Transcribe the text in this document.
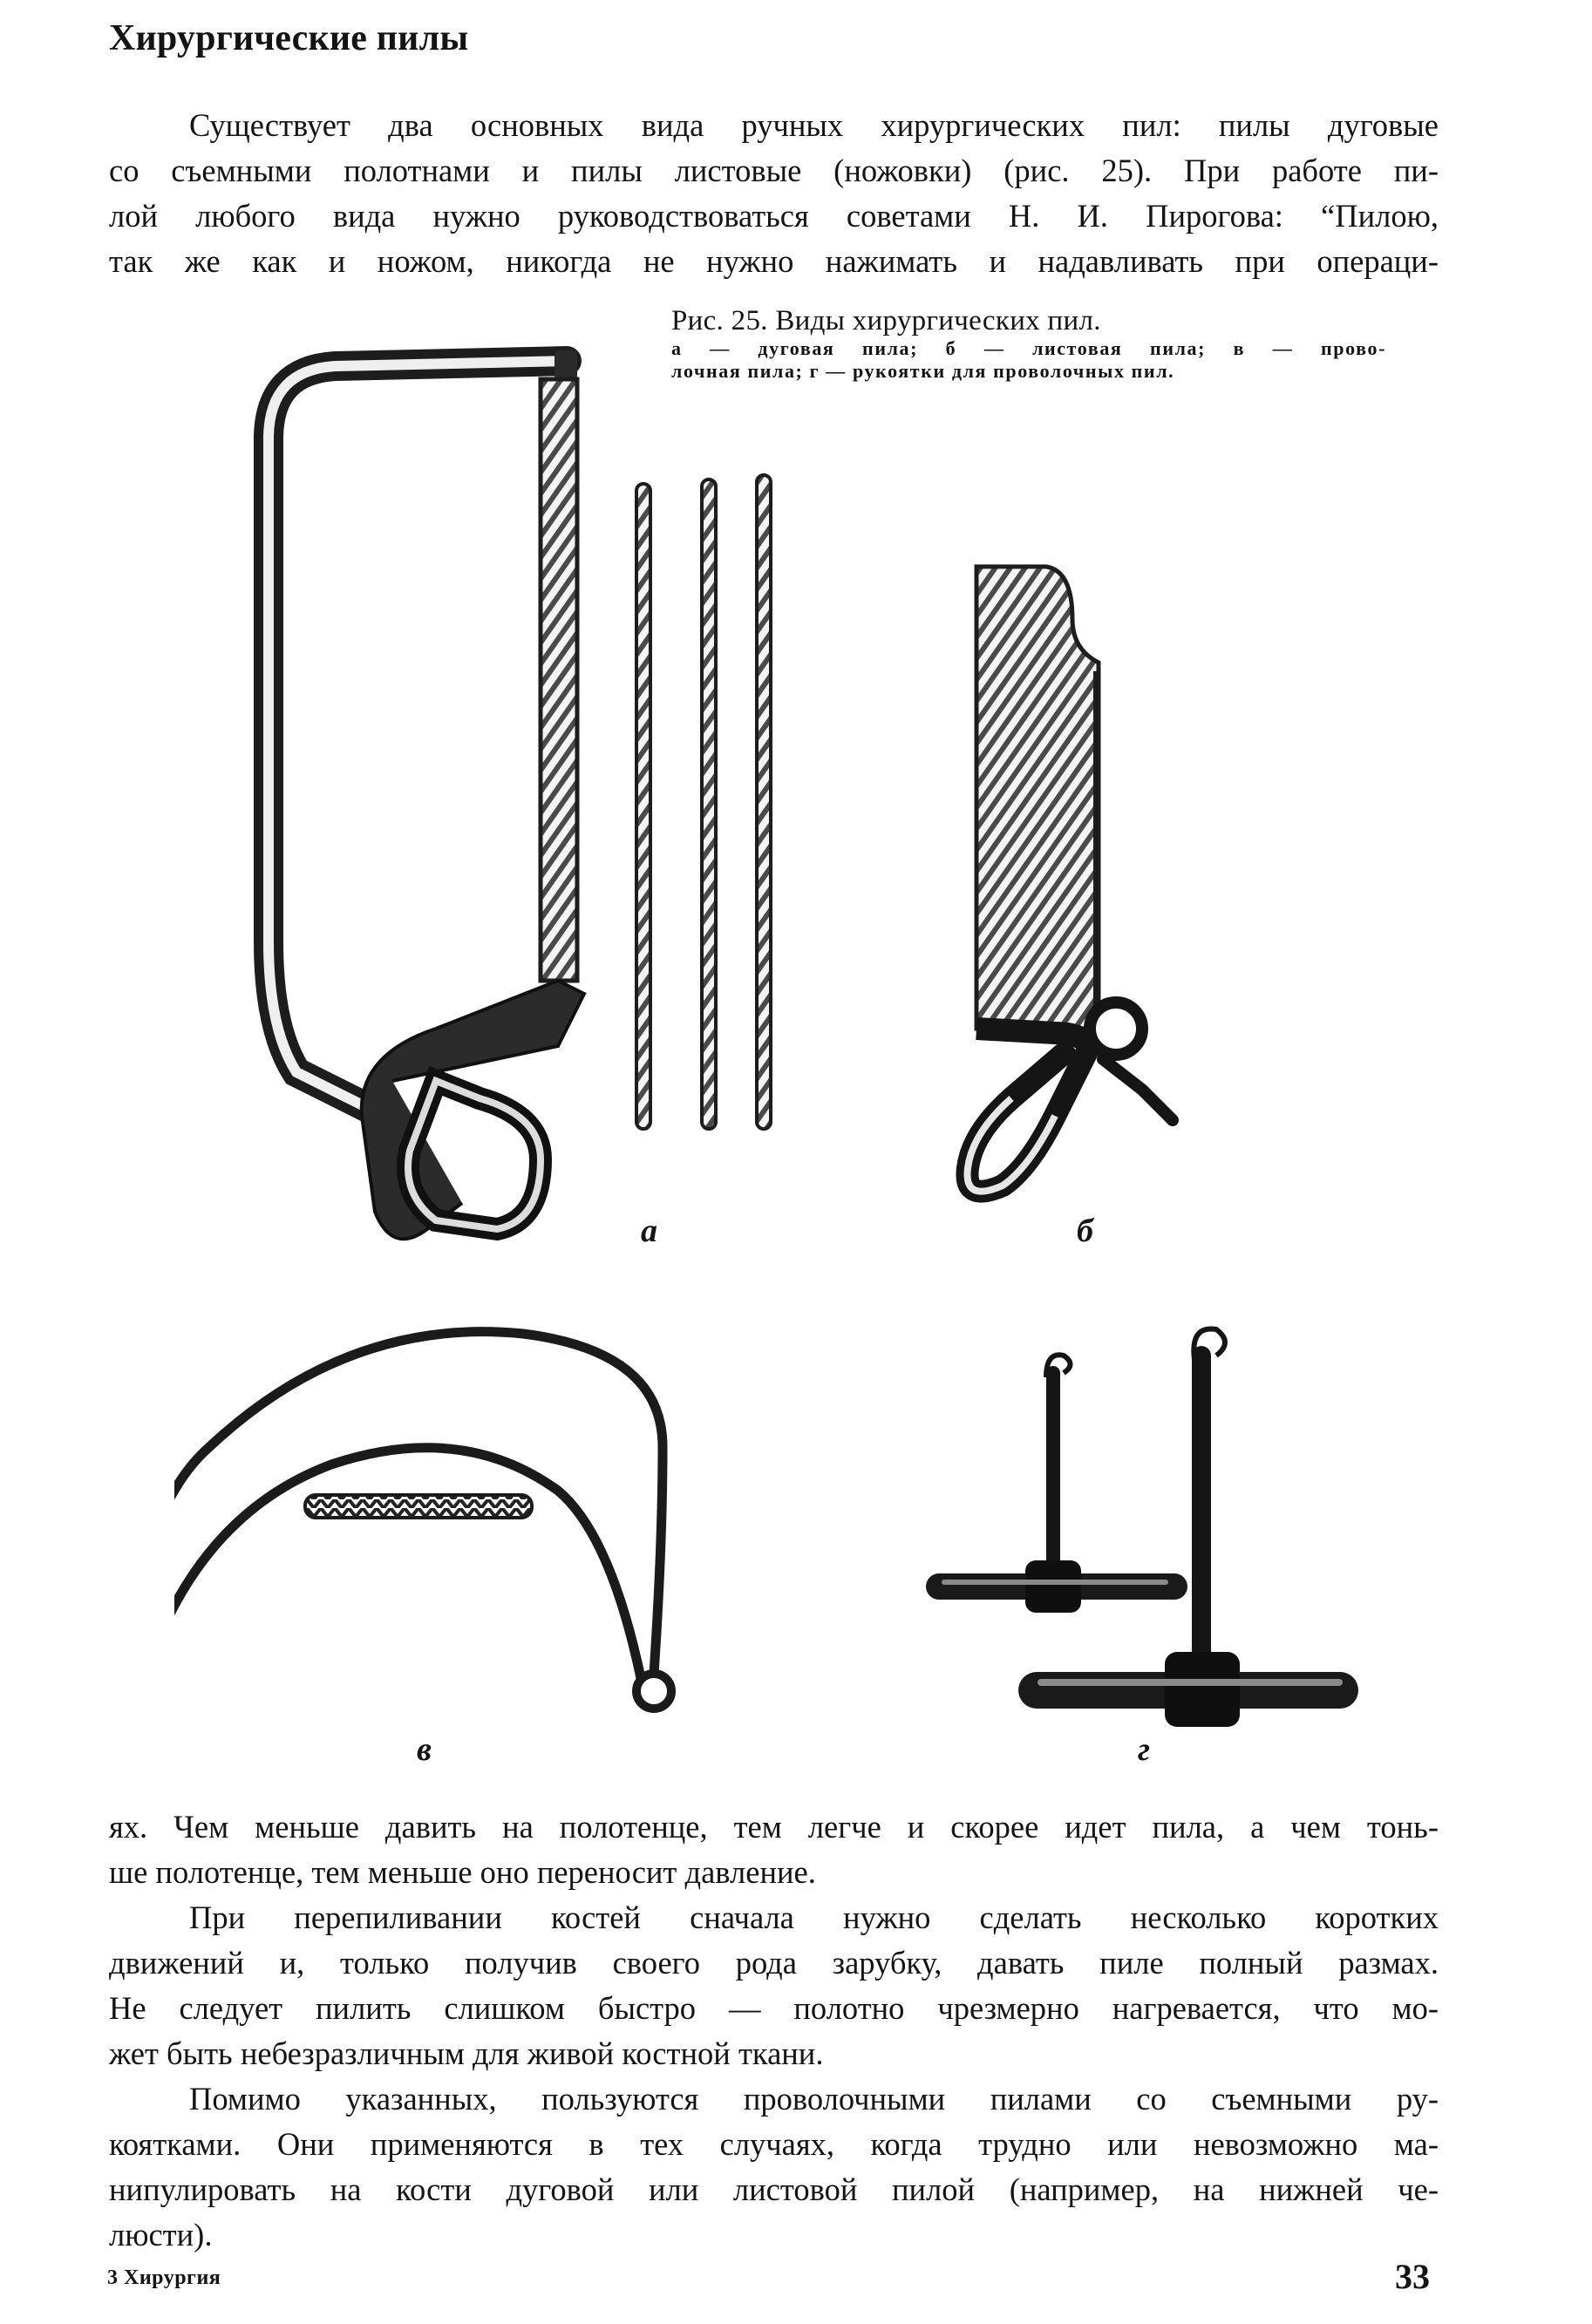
Хирургические пилы
Существует два основных вида ручных хирургических пил: пилы дуговые
со съемными полотнами и пилы листовые (ножовки) (рис. 25). При работе пи-
лой любого вида нужно руководствоваться советами Н. И. Пирогова: “Пилою,
так же как и ножом, никогда не нужно нажимать и надавливать при операци-
Рис. 25. Виды хирургических пил.
а — дуговая пила; б — листовая пила; в — прово-
лочная пила; г — рукоятки для проволочных пил.
а	б
в	г
ях. Чем меньше давить на полотенце, тем легче и скорее идет пила, а чем тонь-
ше полотенце, тем меньше оно переносит давление.
При перепиливании костей сначала нужно сделать несколько коротких
движений и, только получив своего рода зарубку, давать пиле полный размах.
Не следует пилить слишком быстро — полотно чрезмерно нагревается, что мо-
жет быть небезразличным для живой костной ткани.
Помимо указанных, пользуются проволочными пилами со съемными ру-
коятками. Они применяются в тех случаях, когда трудно или невозможно ма-
нипулировать на кости дуговой или листовой пилой (например, на нижней че-
люсти).
3 Хирургия	33
